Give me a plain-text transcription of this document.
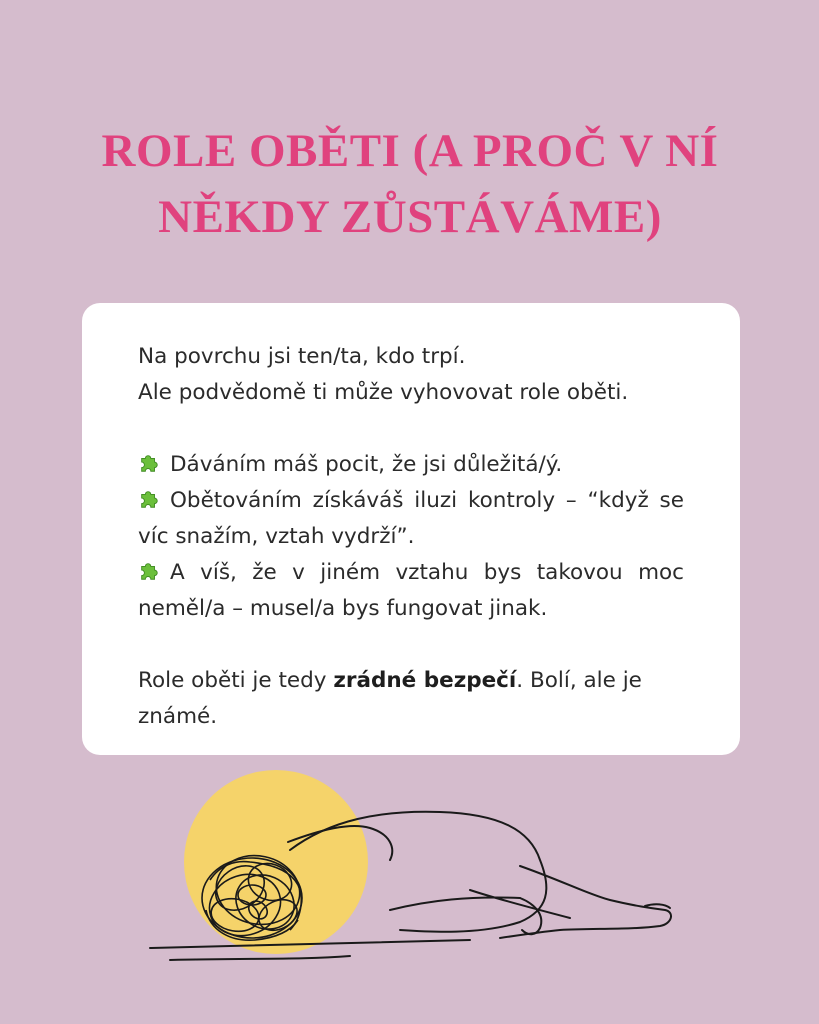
ROLE OBĚTI (A PROČ V NÍ
NĚKDY ZŮSTÁVÁME)

Na povrchu jsi ten/ta, kdo trpí.

Ale podvědomě ti může vyhovovat role oběti.

Dáváním máš pocit, že jsi důležitá/ý.

Obětováním získáváš iluzi kontroly – “když se víc snažím, vztah vydrží”.

A víš, že v jiném vztahu bys takovou moc neměl/a – musel/a bys fungovat jinak.

Role oběti je tedy zrádné bezpečí. Bolí, ale je známé.
